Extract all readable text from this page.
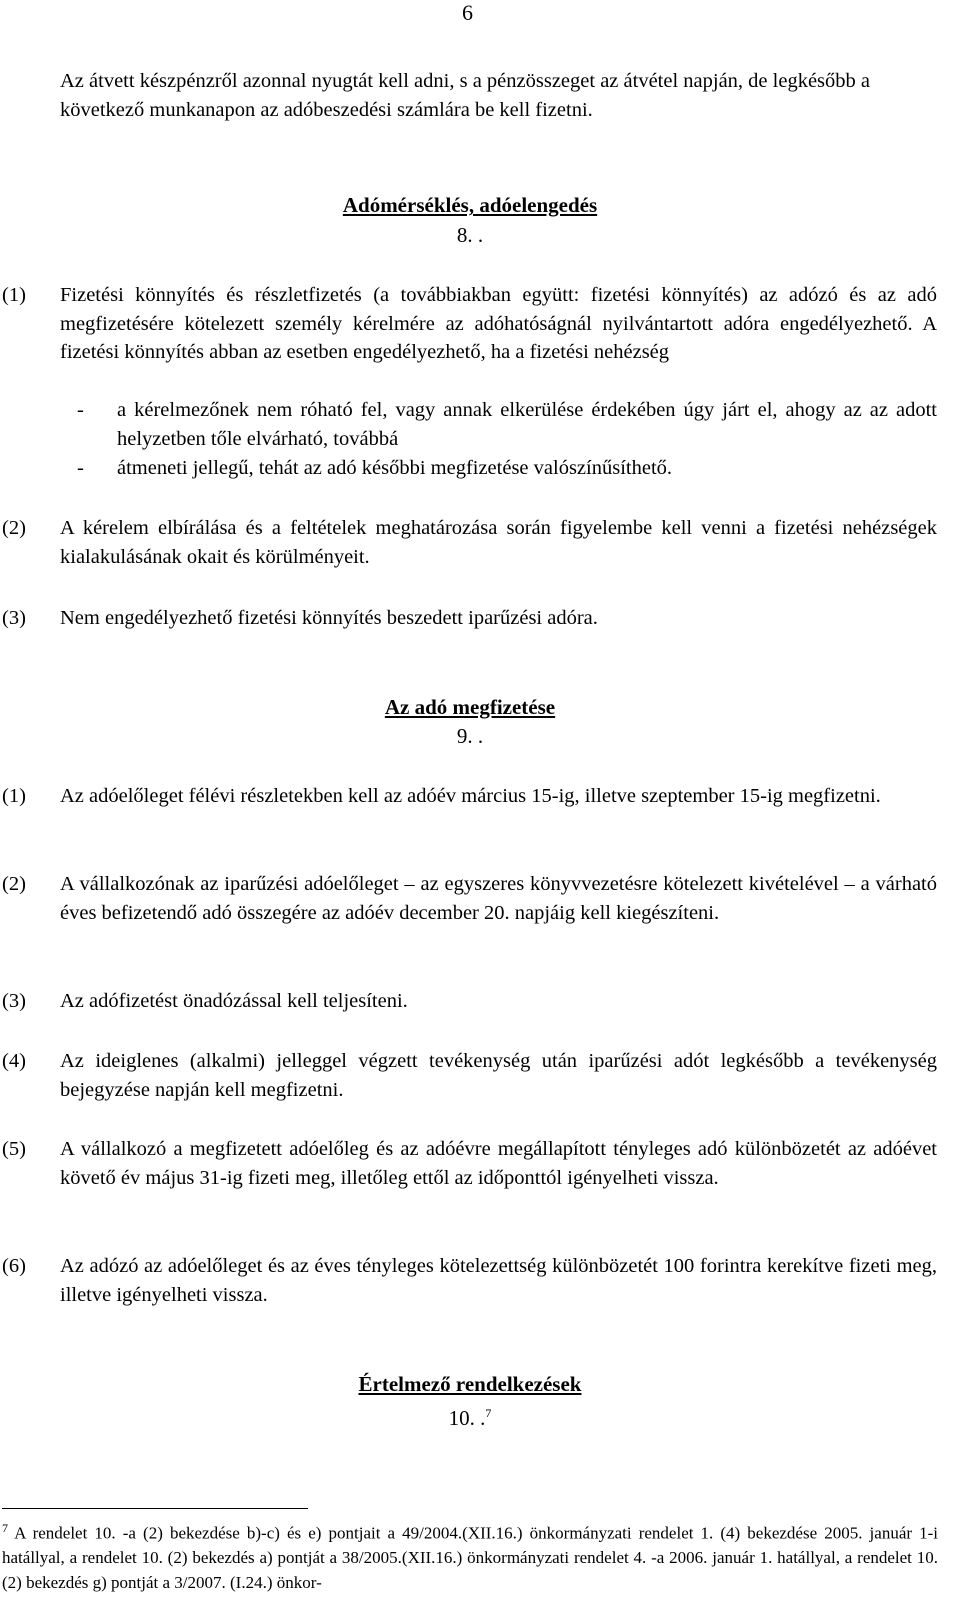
6
Az átvett készpénzről azonnal nyugtát kell adni, s a pénzösszeget az átvétel napján, de legkésőbb a következő munkanapon az adóbeszedési számlára be kell fizetni.
Adómérséklés, adóelengedés
8. .
(1) Fizetési könnyítés és részletfizetés (a továbbiakban együtt: fizetési könnyítés) az adózó és az adó megfizetésére kötelezett személy kérelmére az adóhatóságnál nyilvántartott adóra engedélyezhető. A fizetési könnyítés abban az esetben engedélyezhető, ha a fizetési nehézség
- a kérelmezőnek nem róható fel, vagy annak elkerülése érdekében úgy járt el, ahogy az az adott helyzetben tőle elvárható, továbbá
- átmeneti jellegű, tehát az adó későbbi megfizetése valószínűsíthető.
(2) A kérelem elbírálása és a feltételek meghatározása során figyelembe kell venni a fizetési nehézségek kialakulásának okait és körülményeit.
(3) Nem engedélyezhető fizetési könnyítés beszedett iparűzési adóra.
Az adó megfizetése
9. .
(1) Az adóelőleget félévi részletekben kell az adóév március 15-ig, illetve szeptember 15-ig megfizetni.
(2) A vállalkozónak az iparűzési adóelőleget – az egyszeres könyvvezetésre kötelezett kivételével – a várható éves befizetendő adó összegére az adóév december 20. napjáig kell kiegészíteni.
(3) Az adófizetést önadózással kell teljesíteni.
(4) Az ideiglenes (alkalmi) jelleggel végzett tevékenység után iparűzési adót legkésőbb a tevékenység bejegyzése napján kell megfizetni.
(5) A vállalkozó a megfizetett adóelőleg és az adóévre megállapított tényleges adó különbözetét az adóévet követő év május 31-ig fizeti meg, illetőleg ettől az időponttól igényelheti vissza.
(6) Az adózó az adóelőleget és az éves tényleges kötelezettség különbözetét 100 forintra kerekítve fizeti meg, illetve igényelheti vissza.
Értelmező rendelkezések
10. .$^7$
$^7$ A rendelet 10. -a (2) bekezdése b)-c) és e) pontjait a 49/2004.(XII.16.) önkormányzati rendelet 1. (4) bekezdése 2005. január 1-i hatállyal, a rendelet 10. (2) bekezdés a) pontját a 38/2005.(XII.16.) önkormányzati rendelet 4. -a 2006. január 1. hatállyal, a rendelet 10. (2) bekezdés g) pontját a 3/2007. (I.24.) önkor-
